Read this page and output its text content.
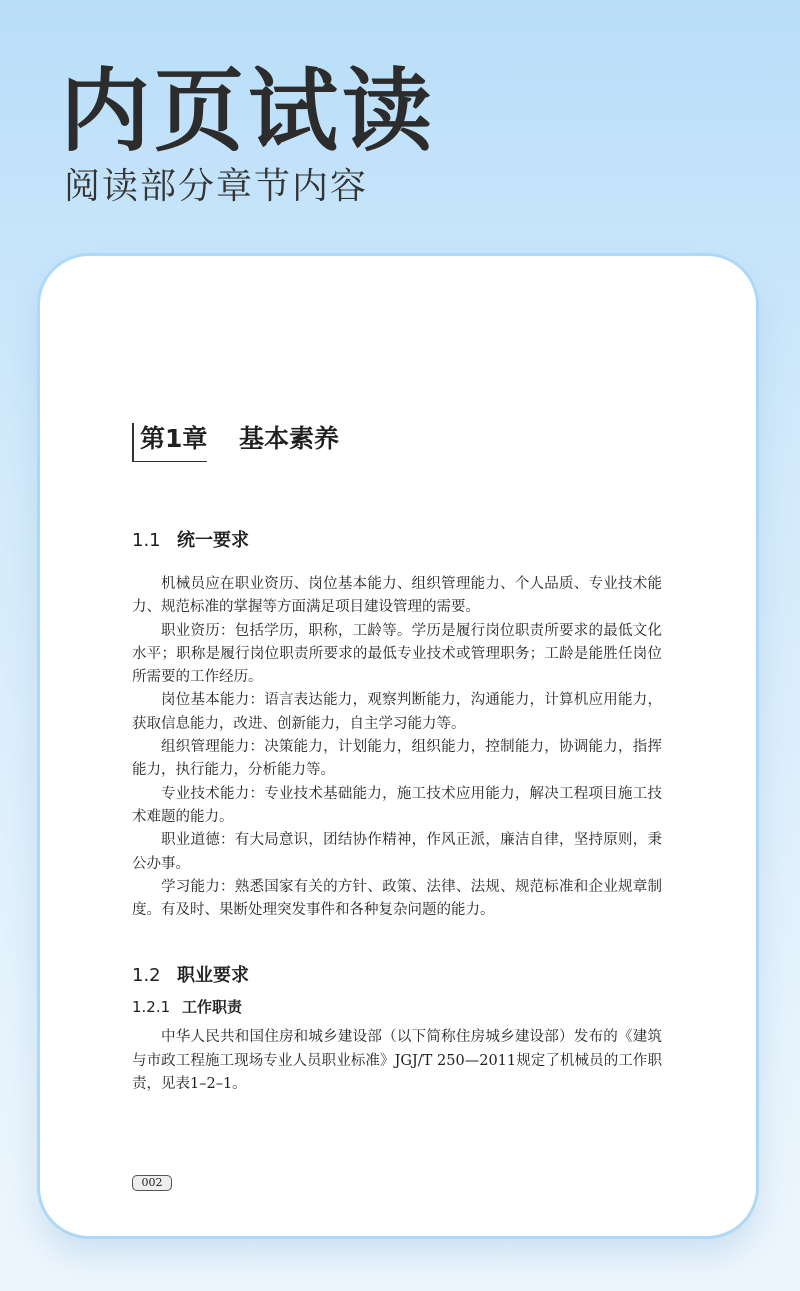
内页试读
阅读部分章节内容
第1章 基本素养
1.1 统一要求

机械员应在职业资历、岗位基本能力、组织管理能力、个人品质、专业技术能力、规范标准的掌握等方面满足项目建设管理的需要。

职业资历：包括学历，职称，工龄等。学历是履行岗位职责所要求的最低文化水平；职称是履行岗位职责所要求的最低专业技术或管理职务；工龄是能胜任岗位所需要的工作经历。

岗位基本能力：语言表达能力，观察判断能力，沟通能力，计算机应用能力，获取信息能力，改进、创新能力，自主学习能力等。

组织管理能力：决策能力，计划能力，组织能力，控制能力，协调能力，指挥能力，执行能力，分析能力等。

专业技术能力：专业技术基础能力，施工技术应用能力，解决工程项目施工技术难题的能力。

职业道德：有大局意识，团结协作精神，作风正派，廉洁自律，坚持原则，秉公办事。

学习能力：熟悉国家有关的方针、政策、法律、法规、规范标准和企业规章制度。有及时、果断处理突发事件和各种复杂问题的能力。

1.2 职业要求
1.2.1 工作职责

中华人民共和国住房和城乡建设部（以下简称住房城乡建设部）发布的《建筑与市政工程施工现场专业人员职业标准》JGJ/T 250—2011规定了机械员的工作职责，见表1–2–1。

002
